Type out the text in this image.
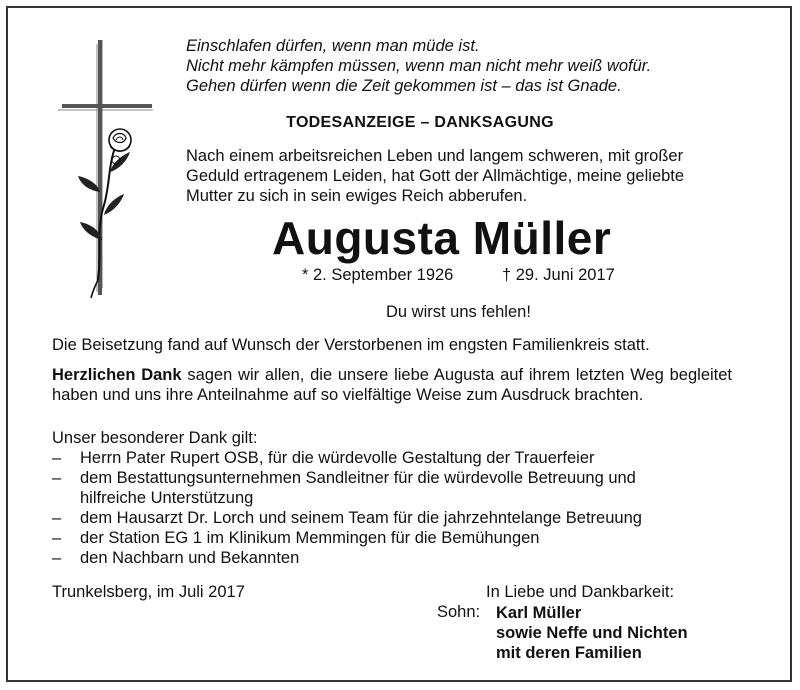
Einschlafen dürfen, wenn man müde ist.
Nicht mehr kämpfen müssen, wenn man nicht mehr weiß wofür.
Gehen dürfen wenn die Zeit gekommen ist – das ist Gnade.
TODESANZEIGE – DANKSAGUNG
Nach einem arbeitsreichen Leben und langem schweren, mit großer
Geduld ertragenem Leiden, hat Gott der Allmächtige, meine geliebte
Mutter zu sich in sein ewiges Reich abberufen.
Augusta Müller
* 2. September 1926	† 29. Juni 2017
Du wirst uns fehlen!
Die Beisetzung fand auf Wunsch der Verstorbenen im engsten Familienkreis statt.
Herzlichen Dank sagen wir allen, die unsere liebe Augusta auf ihrem letzten Weg begleitet haben und uns ihre Anteilnahme auf so vielfältige Weise zum Ausdruck brachten.
Unser besonderer Dank gilt:
– Herrn Pater Rupert OSB, für die würdevolle Gestaltung der Trauerfeier
– dem Bestattungsunternehmen Sandleitner für die würdevolle Betreuung und
hilfreiche Unterstützung
– dem Hausarzt Dr. Lorch und seinem Team für die jahrzehntelange Betreuung
– der Station EG 1 im Klinikum Memmingen für die Bemühungen
– den Nachbarn und Bekannten
Trunkelsberg, im Juli 2017	In Liebe und Dankbarkeit:
Sohn: Karl Müller
sowie Neffe und Nichten
mit deren Familien
